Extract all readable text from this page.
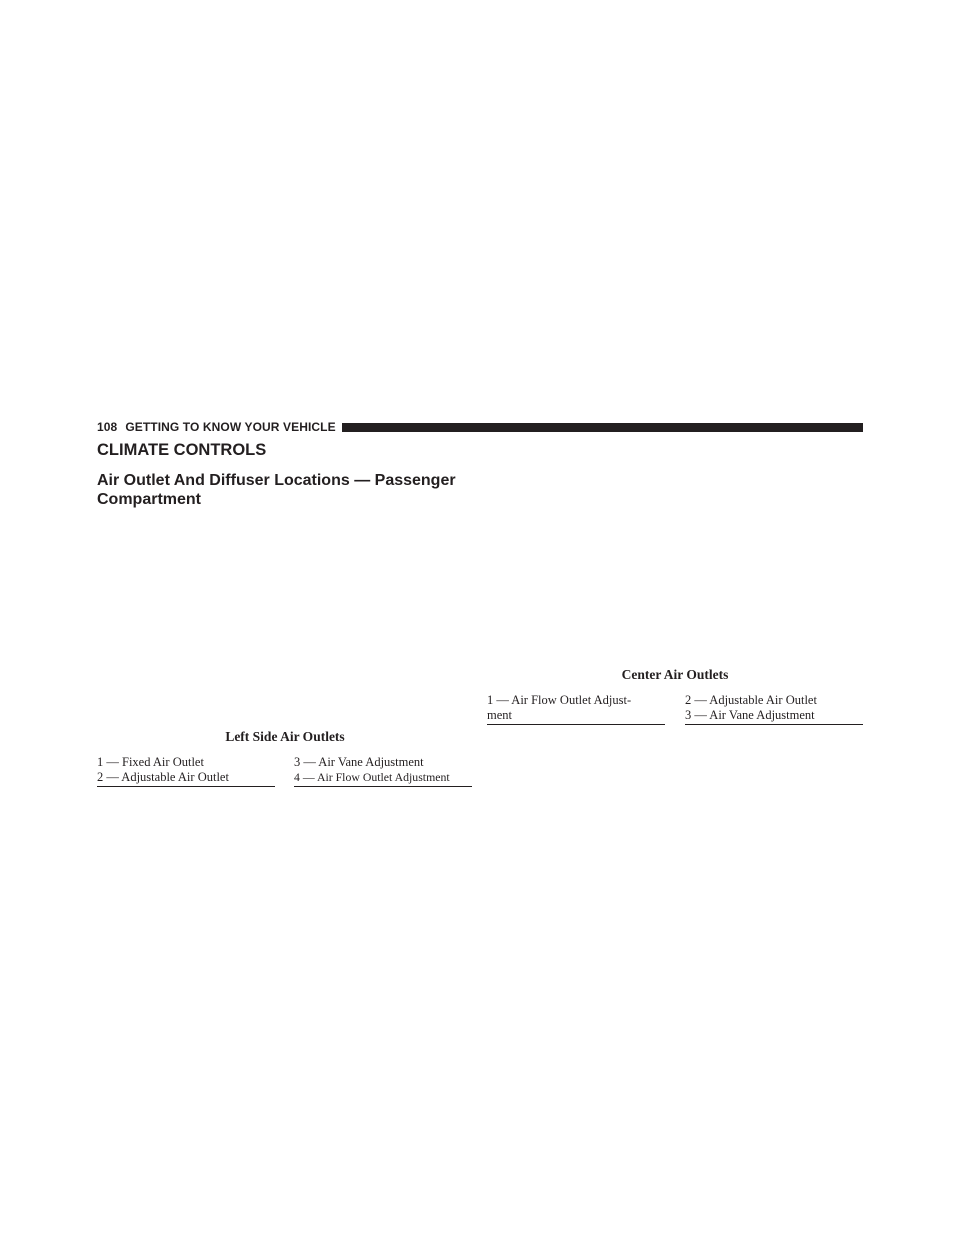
108 GETTING TO KNOW YOUR VEHICLE
CLIMATE CONTROLS
Air Outlet And Diffuser Locations — Passenger
Compartment
Center Air Outlets
1 — Air Flow Outlet Adjust-
ment
2 — Adjustable Air Outlet
3 — Air Vane Adjustment
Left Side Air Outlets
1 — Fixed Air Outlet
2 — Adjustable Air Outlet
3 — Air Vane Adjustment
4 — Air Flow Outlet Adjustment
